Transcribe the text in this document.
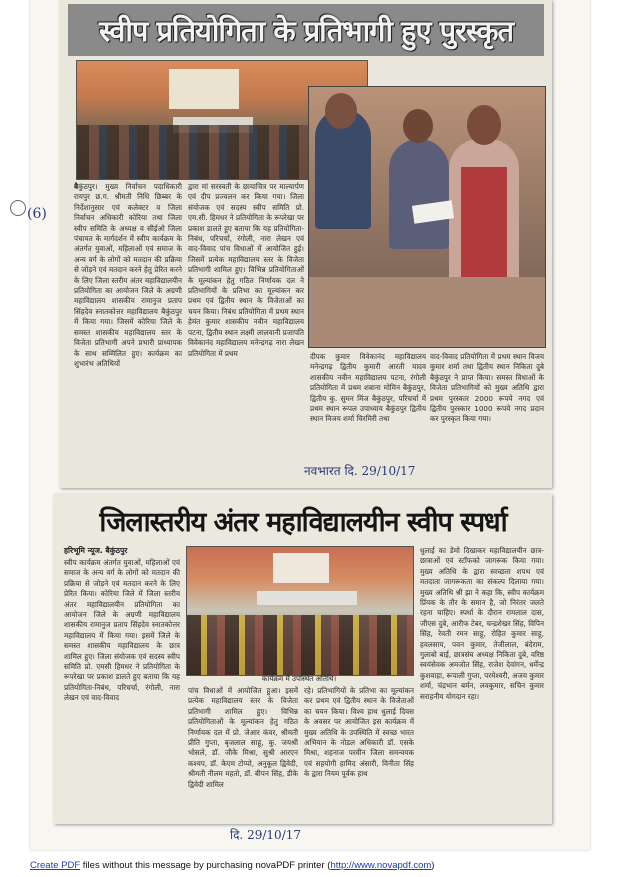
(6)
स्वीप प्रतियोगिता के प्रतिभागी हुए पुरस्कृत
बैकुंठपुर। मुख्य निर्वाचन पदाधिकारी रायपुर छ.ग. श्रीमती निधि छिब्बर के निर्देशानुसार एवं कलेक्टर व जिला निर्वाचन अधिकारी कोरिया तथा जिला स्वीप समिति के अध्यक्ष व सीईओ जिला पंचायत के मार्गदर्शन में स्वीप कार्यक्रम के अंतर्गत युवाओं, महिलाओं एवं समाज के अन्य वर्ग के लोगों को मतदान की प्रक्रिया से जोड़ने एवं मतदान करने हेतु प्रेरित करने के लिए जिला स्तरीय अंतर महाविद्यालयीन प्रतियोगिता का आयोजन जिले के अग्रणी महाविद्यालय शासकीय रामानुज प्रताप सिंहदेव स्नातकोत्तर महाविद्यालय बैकुंठपुर में किया गया। जिसमें कोरिया जिले के समस्त शासकीय महाविद्यालय स्तर के विजेता प्रतिभागी अपने प्रभारी प्राध्यापक के साथ सम्मिलित हुए। कार्यक्रम का शुभारंभ अतिथियों
द्वारा मां सरस्वती के छायाचित्र पर माल्यार्पण एवं दीप प्रज्वलन कर किया गया। जिला संयोजक एवं सदस्य स्वीप समिति प्रो. एम.सी. हिमधर ने प्रतियोगिता के रूपरेखा पर प्रकाश डालते हुए बताया कि यह प्रतियोगिता-निबंध, परिचर्चा, रंगोली, नारा लेखन एवं वाद-विवाद पांच विधाओं में आयोजित हुई। जिसमें प्रत्येक महाविद्यालय स्तर के विजेता प्रतिभागी शामिल हुए। विभिन्न प्रतियोगिताओं के मूल्यांकन हेतु गठित निर्णायक दल ने प्रतिभागियों के प्रतिभा का मूल्यांकन कर प्रथम एवं द्वितीय स्थान के विजेताओं का चयन किया। निबंध प्रतियोगिता में प्रथम स्थान हेमंत कुमार शासकीय नवीन महाविद्यालय पटना, द्वितीय स्थान लक्ष्मी लालवानी प्रजापति विवेकानंद महाविद्यालय मनेन्द्रगढ़ नारा लेखन प्रतियोगिता में प्रथम	दीपक कुमार विवेकानंद महाविद्यालय मनेन्द्रगढ़ द्वितीय कुमारी आरती यादव शासकीय नवीन महाविद्यालय पटना, रंगोली प्रतियोगिता में प्रथम शबाना मोमिन बैकुंठपुर, द्वितीय कु. सुमन मिंज बैकुंठपुर, परिचर्चा में प्रथम स्थान रूपल उपाध्याय बैकुंठपुर द्वितीय स्थान विजय शर्मा चिरमिरी तथा
वाद-विवाद प्रतियोगिता में प्रथम स्थान विजय कुमार शर्मा तथा द्वितीय स्थान निकिता दुबे बैकुंठपुर ने प्राप्त किया। समस्त विधाओं के विजेता प्रतिभागियों को मुख्य अतिथि द्वारा प्रथम पुरस्कार 2000 रूपये नगद एवं द्वितीय पुरस्कार 1000 रूपये नगद प्रदान कर पुरस्कृत किया गया।
नवभारत दि. 29/10/17
जिलास्तरीय अंतर महाविद्यालयीन स्वीप स्पर्धा
हरिभूमि न्यूज. बैकुंठपुर
कार्यक्रम में उपस्थित अतिथि।
स्वीप कार्यक्रम अंतर्गत युवाओं, महिलाओं एवं समाज के अन्य वर्ग के लोगों को मतदान की प्रक्रिया से जोड़ने एवं मतदान करने के लिए प्रेरित किया। कोरिया जिले में जिला स्तरीय अंतर महाविद्यालयीन प्रतियोगिता का आयोजन जिले के अग्रणी महाविद्यालय शासकीय रामानुज प्रताप सिंहदेव स्नातकोत्तर महाविद्यालय में किया गया। इसमें जिले के समस्त शासकीय महाविद्यालय के छात्र शामिल हुए। जिला संयोजक एवं सदस्य स्वीप समिति प्रो. एमसी हिमधर ने प्रतियोगिता के रूपरेखा पर प्रकाश डालते हुए बताया कि यह प्रतियोगिता-निबंध, परिचर्चा, रंगोली, नारा लेखन एवं वाद-विवाद
पांच विधाओं में आयोजित हुआ। इसमें प्रत्येक महाविद्यालय स्तर के विजेता प्रतिभागी शामिल हुए। विभिन्न प्रतियोगिताओं के मूल्यांकन हेतु गठित निर्णायक दल में प्रो. जेआर कंवर, श्रीमती प्रीति गुप्ता, बृजलाल साहू, कु. जयश्री भोसले, डॉ. जीके मिश्रा, सुश्री आरएन कश्यप, डॉ. केएम टोप्पो, अनुकूल द्विवेदी, श्रीमती नीलम महतो, डॉ. बीपन सिंह, डीके द्विवेदी शामिल
रहे। प्रतिभागियों के प्रतिभा का मूल्यांकन कर प्रथम एवं द्वितीय स्थान के विजेताओं का चयन किया। विश्व हाथ धुलाई दिवस के अवसर पर आयोजित इस कार्यक्रम में मुख्य अतिथि के उपस्थिति में स्वच्छ भारत अभियान के नोडल अधिकारी डॉ. एसके मिश्रा, शहनाज परवीन जिला समन्वयक एवं सहयोगी हामिद अंसारी, विनीता सिंह के द्वारा नियम पूर्वक हाथ
धुलाई का डेमो दिखाकर महाविद्यालयीन छात्र-छात्राओं एवं स्टॉफको जागरूक किया गया। मुख्य अतिथि के द्वारा स्वच्छता शपथ एवं मतदाता जागरूकता का संकल्प दिलाया गया। मुख्य अतिथि श्री झा ने कहा कि, स्वीप कार्यक्रम प्रिंयक के तौर के समान है, जो निरंतर जलते रहना चाहिए। स्पर्धा के दौरान रामलाल दास, जीएस दुबे, आरीफ टेबर, चन्द्रशेखर सिंह, विपिन सिंह, रेवती रमन साहू, रोहित कुमार साहू, हवलसाय, पवन कुमार, तेजीलाल, बंदेराम, गुलाबो बाई, छात्रसंघ अध्यक्ष निकिता दुबे, वरिष्ठ स्वयंसेवक अमजोत सिंह, राजेश देवांगन, धर्मेन्द्र कुशवाहा, रूपाली गुप्ता, परमेश्वरी, अजय कुमार शर्मा, चंद्रभान बर्मन, लवकुमार, सचिन कुमार सराहनीय योगदान रहा।
दि. 29/10/17
Create PDF files without this message by purchasing novaPDF printer (http://www.novapdf.com)
